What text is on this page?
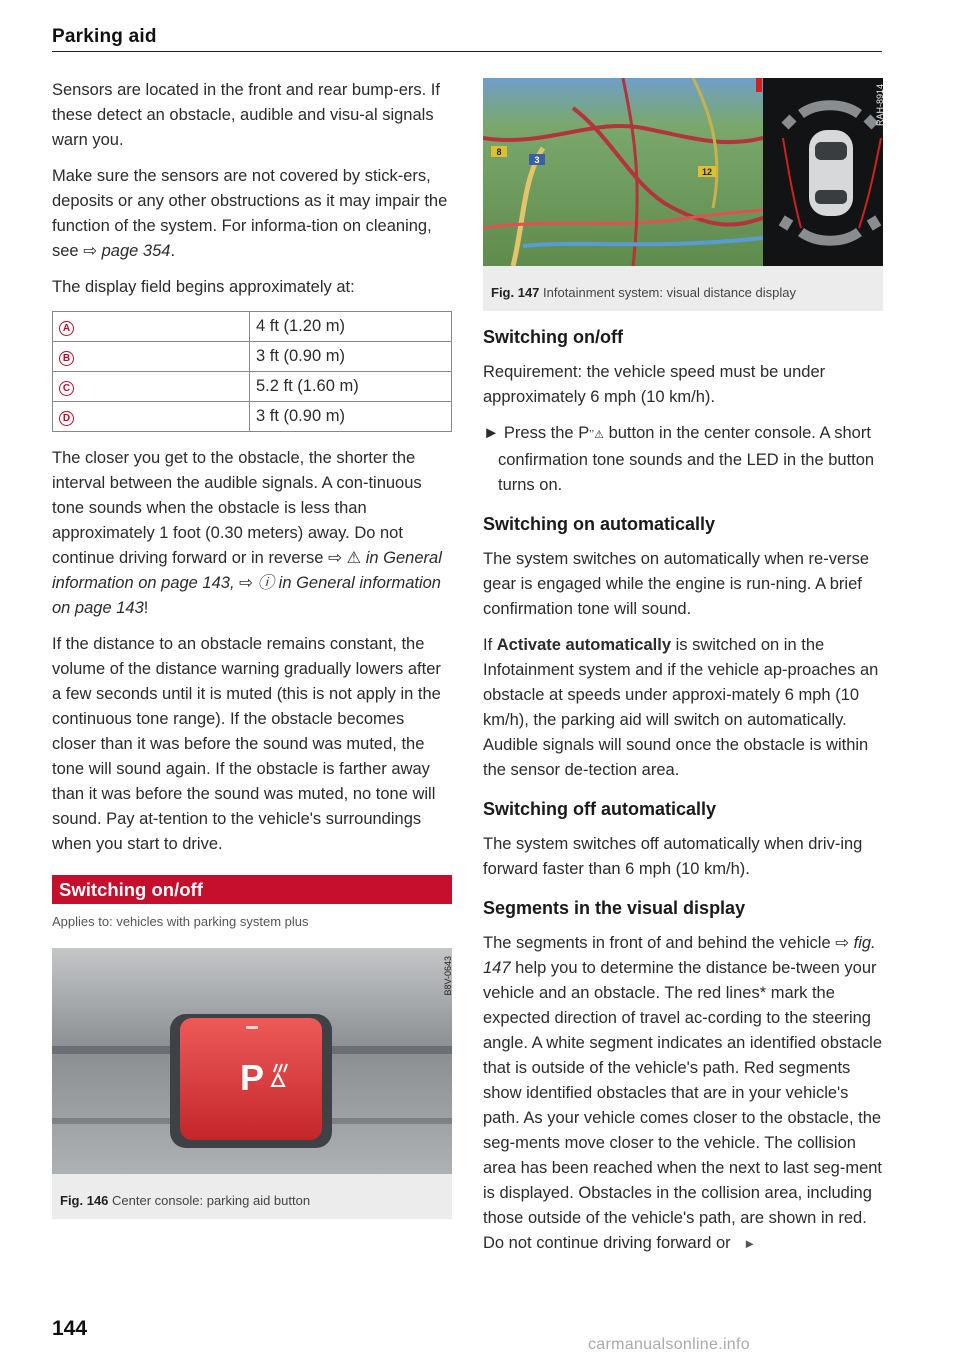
Parking aid

Sensors are located in the front and rear bump-ers. If these detect an obstacle, audible and visu-al signals warn you.

Make sure the sensors are not covered by stick-ers, deposits or any other obstructions as it may impair the function of the system. For informa-tion on cleaning, see ⇨ page 354.

The display field begins approximately at:

A	4 ft (1.20 m)
B	3 ft (0.90 m)
C	5.2 ft (1.60 m)
D	3 ft (0.90 m)

The closer you get to the obstacle, the shorter the interval between the audible signals. A con-tinuous tone sounds when the obstacle is less than approximately 1 foot (0.30 meters) away. Do not continue driving forward or in reverse ⇨ ⚠ in General information on page 143, ⇨ ⓘ in General information on page 143!

If the distance to an obstacle remains constant, the volume of the distance warning gradually lowers after a few seconds until it is muted (this is not apply in the continuous tone range). If the obstacle becomes closer than it was before the sound was muted, the tone will sound again. If the obstacle is farther away than it was before the sound was muted, no tone will sound. Pay at-tention to the vehicle's surroundings when you start to drive.

Switching on/off
Applies to: vehicles with parking system plus
P
B8V-0643
Fig. 146 Center console: parking aid button
8
3
12
RAH-8914
Fig. 147 Infotainment system: visual distance display
Switching on/off

Requirement: the vehicle speed must be under approximately 6 mph (10 km/h).

► Press the Pʼʼ⚠ button in the center console. A short confirmation tone sounds and the LED in the button turns on.

Switching on automatically

The system switches on automatically when re-verse gear is engaged while the engine is run-ning. A brief confirmation tone will sound.

If Activate automatically is switched on in the Infotainment system and if the vehicle ap-proaches an obstacle at speeds under approxi-mately 6 mph (10 km/h), the parking aid will switch on automatically. Audible signals will sound once the obstacle is within the sensor de-tection area.

Switching off automatically

The system switches off automatically when driv-ing forward faster than 6 mph (10 km/h).

Segments in the visual display

The segments in front of and behind the vehicle ⇨ fig. 147 help you to determine the distance be-tween your vehicle and an obstacle. The red lines* mark the expected direction of travel ac-cording to the steering angle. A white segment indicates an identified obstacle that is outside of the vehicle's path. Red segments show identified obstacles that are in your vehicle's path. As your vehicle comes closer to the obstacle, the seg-ments move closer to the vehicle. The collision area has been reached when the next to last seg-ment is displayed. Obstacles in the collision area, including those outside of the vehicle's path, are shown in red. Do not continue driving forward or ►

144
carmanualsonline.info
